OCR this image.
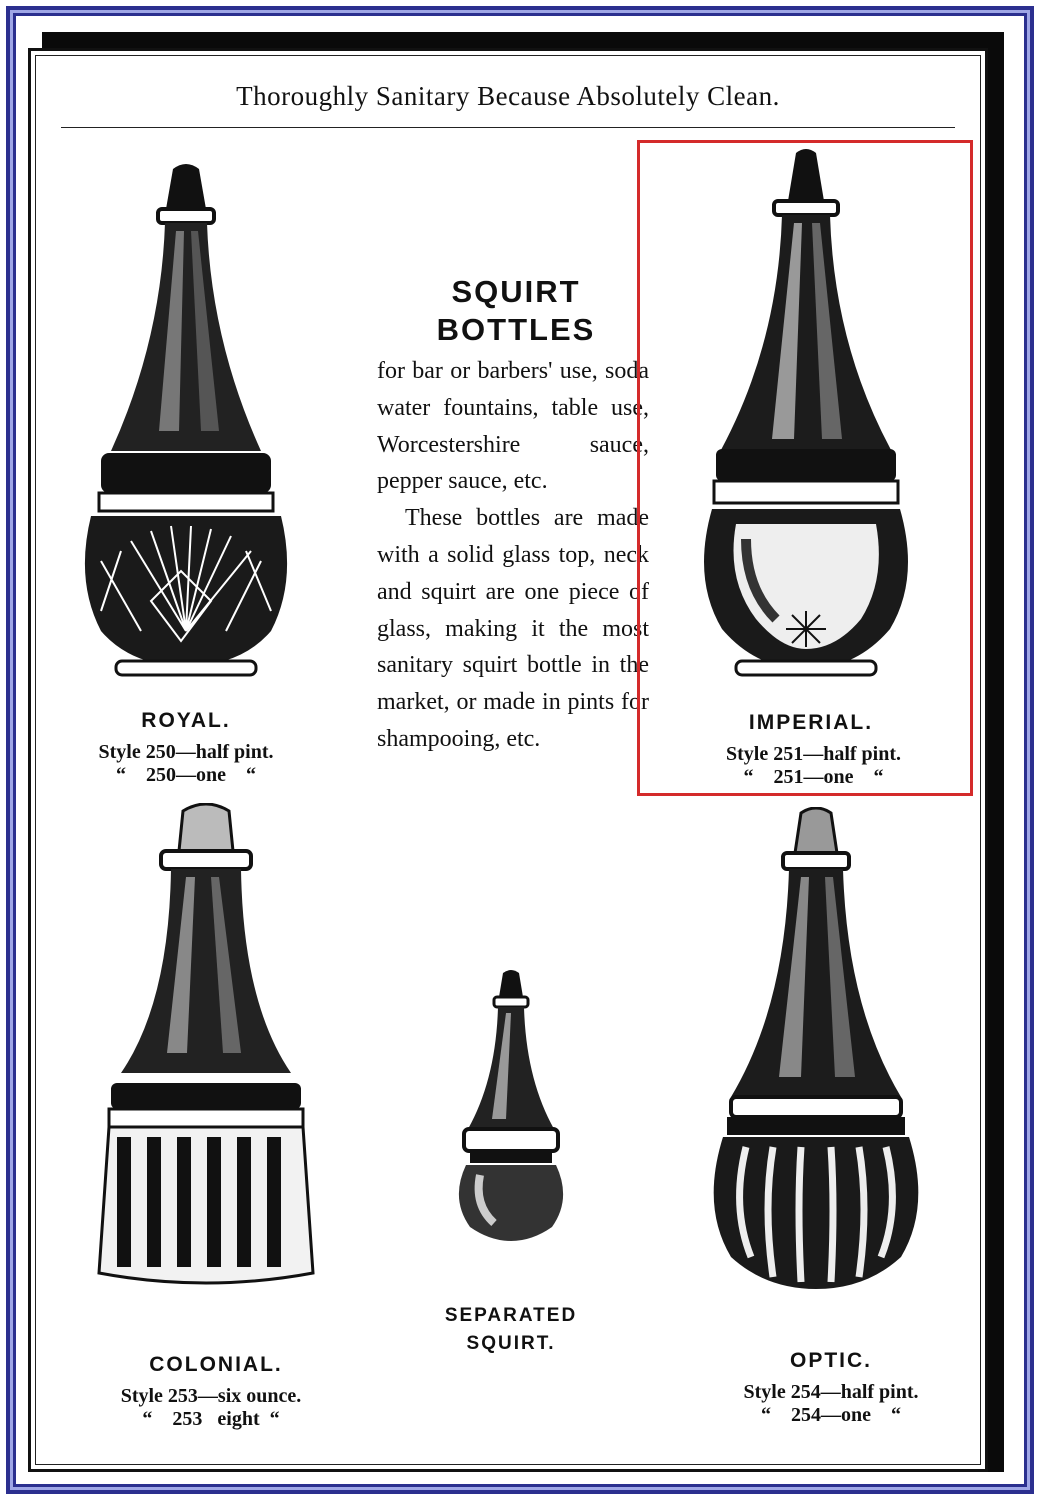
Thoroughly Sanitary Because Absolutely Clean.
ROYAL.
Style 250—half pint.
“    250—one    “
SQUIRT
BOTTLES

for bar or barbers' use, soda water fountains, table use, Worcestershire sauce, pepper sauce, etc.

These bottles are made with a solid glass top, neck and squirt are one piece of glass, making it the most sanitary squirt bottle in the market, or made in pints for shampooing, etc.

IMPERIAL.
Style 251—half pint.
“    251—one    “
COLONIAL.
Style 253—six ounce.
“    253   eight  “
SEPARATED
SQUIRT.
OPTIC.
Style 254—half pint.
“    254—one    “
